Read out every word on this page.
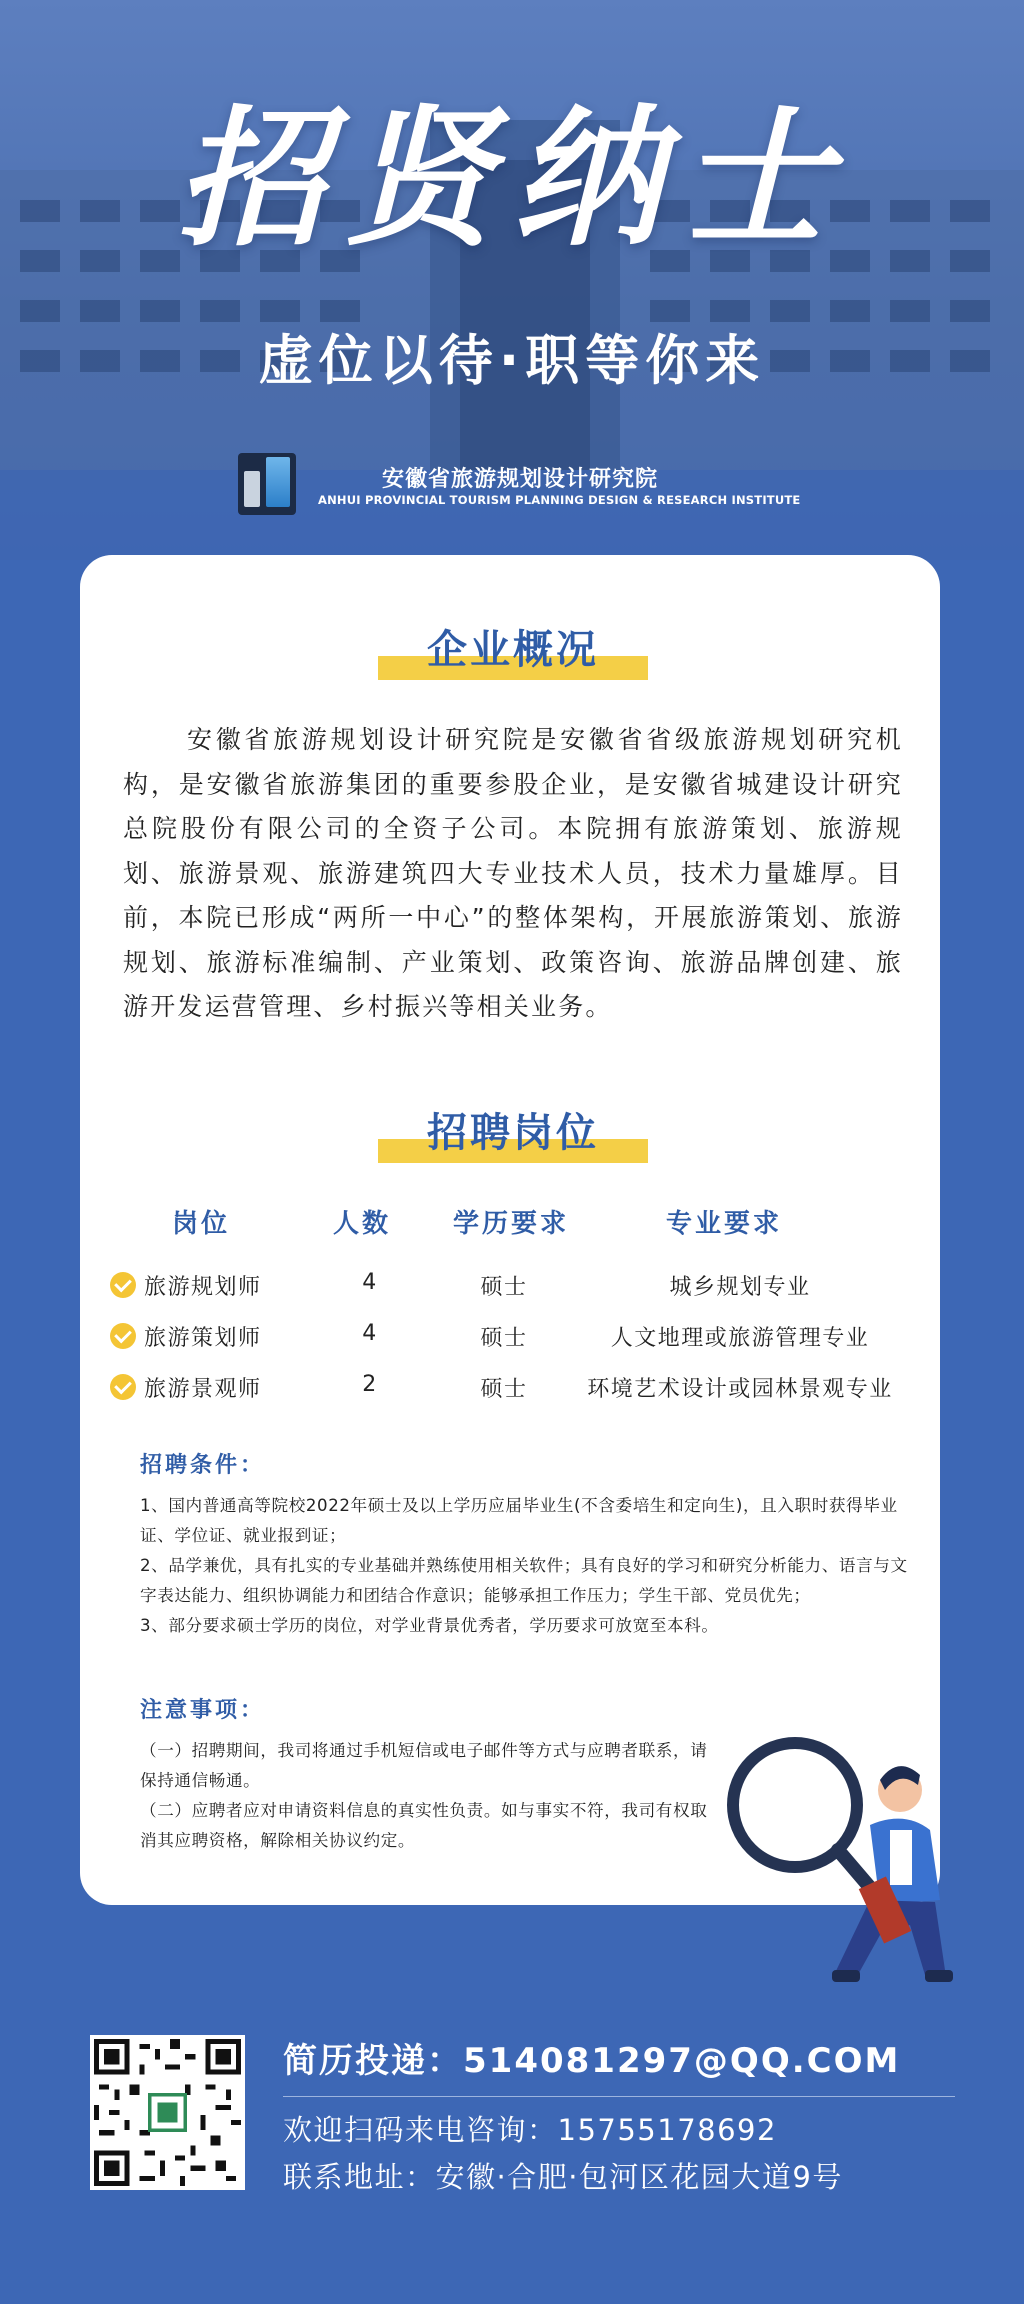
招贤纳士
虚位以待·职等你来
安徽省旅游规划设计研究院
ANHUI PROVINCIAL TOURISM PLANNING DESIGN & RESEARCH INSTITUTE
企业概况
安徽省旅游规划设计研究院是安徽省省级旅游规划研究机构，是安徽省旅游集团的重要参股企业，是安徽省城建设计研究总院股份有限公司的全资子公司。本院拥有旅游策划、旅游规划、旅游景观、旅游建筑四大专业技术人员，技术力量雄厚。目前，本院已形成“两所一中心”的整体架构，开展旅游策划、旅游规划、旅游标准编制、产业策划、政策咨询、旅游品牌创建、旅游开发运营管理、乡村振兴等相关业务。
招聘岗位
岗位	人数 学历要求	专业要求
旅游规划师	4	硕士	城乡规划专业
旅游策划师	4	硕士	人文地理或旅游管理专业
旅游景观师	2	硕士	环境艺术设计或园林景观专业
招聘条件：
1、国内普通高等院校2022年硕士及以上学历应届毕业生(不含委培生和定向生)，且入职时获得毕业证、学位证、就业报到证；
2、品学兼优，具有扎实的专业基础并熟练使用相关软件；具有良好的学习和研究分析能力、语言与文字表达能力、组织协调能力和团结合作意识；能够承担工作压力；学生干部、党员优先；
3、部分要求硕士学历的岗位，对学业背景优秀者，学历要求可放宽至本科。
注意事项：
（一）招聘期间，我司将通过手机短信或电子邮件等方式与应聘者联系，请保持通信畅通。
（二）应聘者应对申请资料信息的真实性负责。如与事实不符，我司有权取消其应聘资格，解除相关协议约定。
简历投递：514081297@QQ.COM
欢迎扫码来电咨询：15755178692
联系地址：安徽·合肥·包河区花园大道9号
